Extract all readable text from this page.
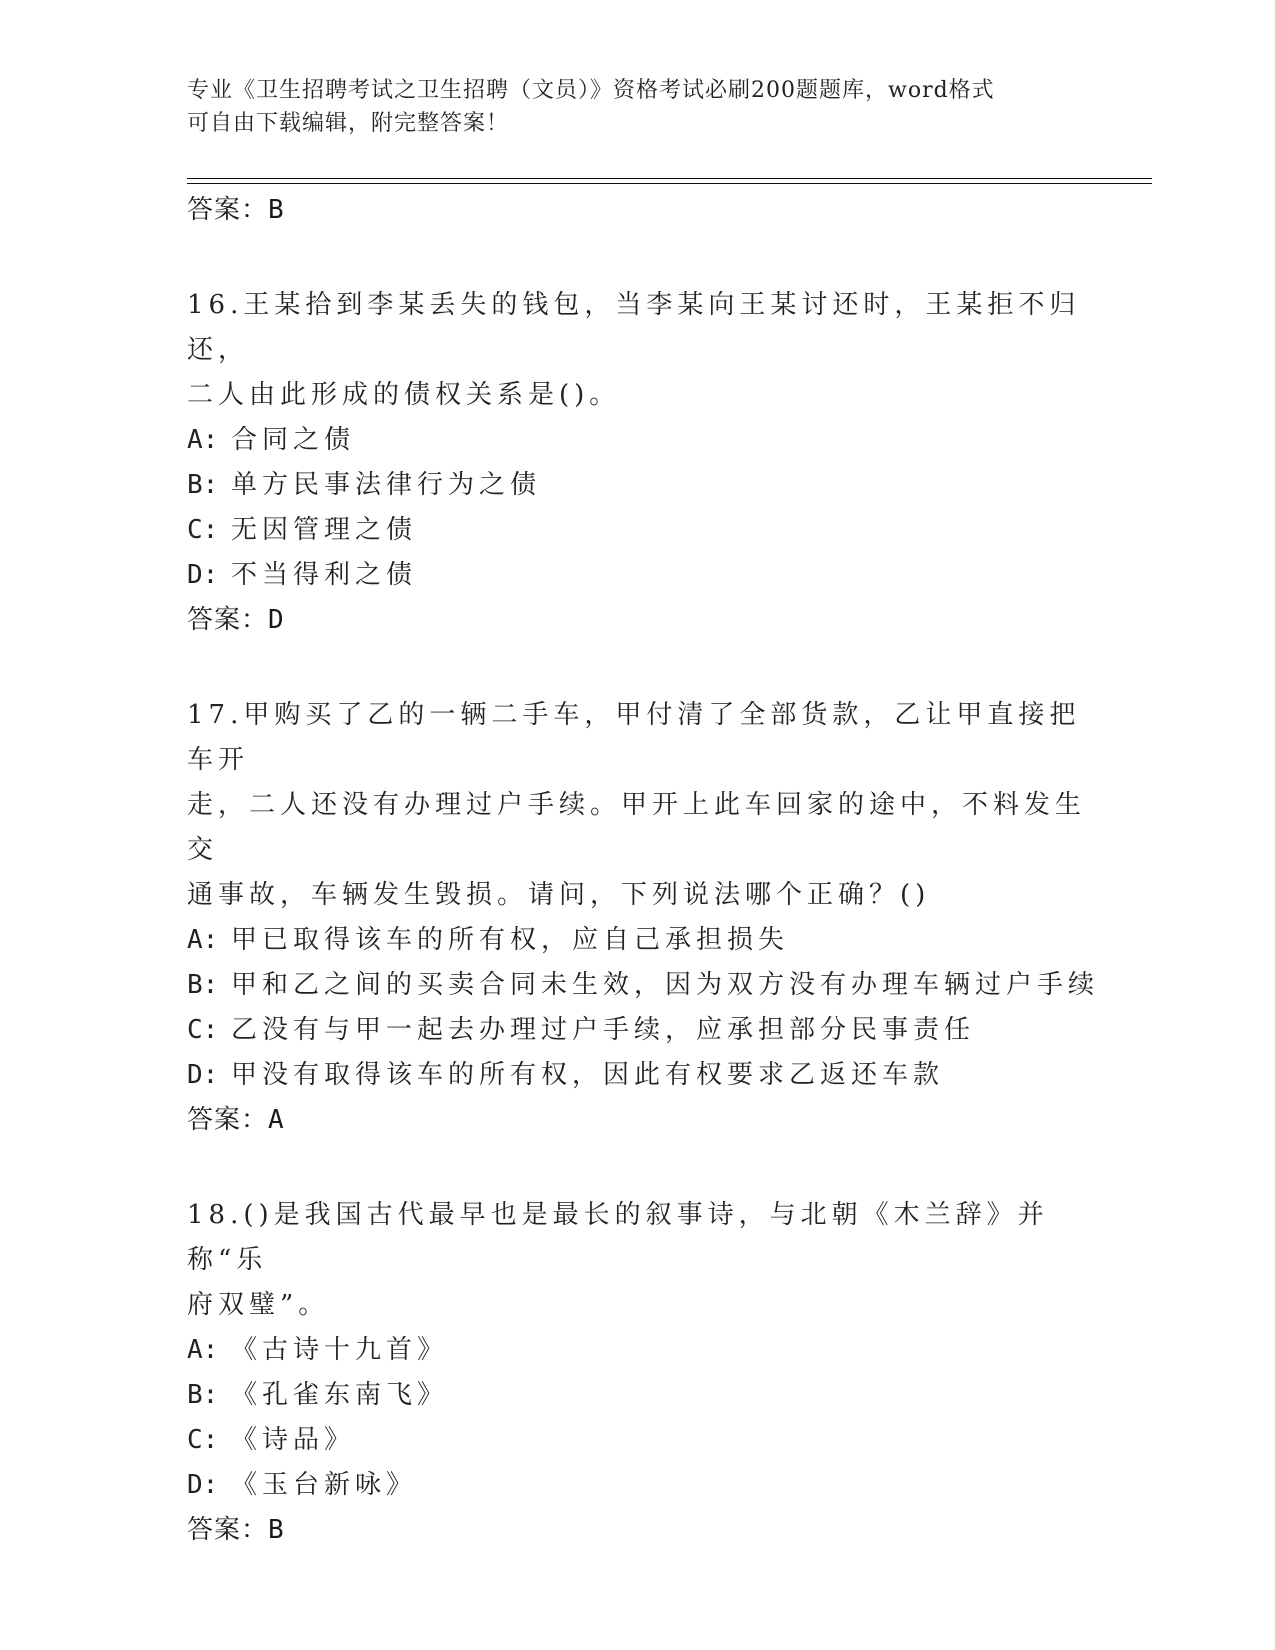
专业《卫生招聘考试之卫生招聘（文员）》资格考试必刷200题题库，word格式
可自由下载编辑，附完整答案！
答案：B
16.王某拾到李某丢失的钱包，当李某向王某讨还时，王某拒不归还，
二人由此形成的债权关系是()。
A: 合同之债
B: 单方民事法律行为之债
C: 无因管理之债
D: 不当得利之债
答案：D
17.甲购买了乙的一辆二手车，甲付清了全部货款，乙让甲直接把车开
走，二人还没有办理过户手续。甲开上此车回家的途中，不料发生交
通事故，车辆发生毁损。请问，下列说法哪个正确？()
A: 甲已取得该车的所有权，应自己承担损失
B: 甲和乙之间的买卖合同未生效，因为双方没有办理车辆过户手续
C: 乙没有与甲一起去办理过户手续，应承担部分民事责任
D: 甲没有取得该车的所有权，因此有权要求乙返还车款
答案：A
18.()是我国古代最早也是最长的叙事诗，与北朝《木兰辞》并称“乐
府双璧”。
A: 《古诗十九首》
B: 《孔雀东南飞》
C: 《诗品》
D: 《玉台新咏》
答案：B
